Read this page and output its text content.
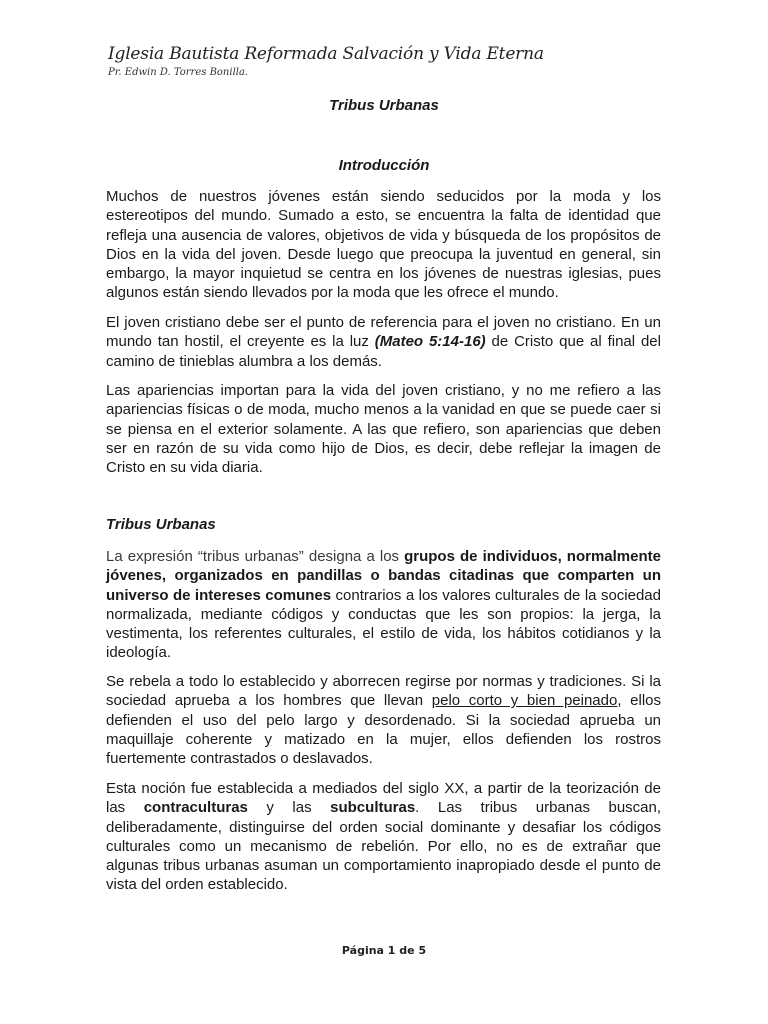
Iglesia Bautista Reformada Salvación y Vida Eterna
Pr. Edwin D. Torres Bonilla.
Tribus Urbanas
Introducción

Muchos de nuestros jóvenes están siendo seducidos por la moda y los estereotipos del mundo. Sumado a esto, se encuentra la falta de identidad que refleja una ausencia de valores, objetivos de vida y búsqueda de los propósitos de Dios en la vida del joven. Desde luego que preocupa la juventud en general, sin embargo, la mayor inquietud se centra en los jóvenes de nuestras iglesias, pues algunos están siendo llevados por la moda que les ofrece el mundo.

El joven cristiano debe ser el punto de referencia para el joven no cristiano. En un mundo tan hostil, el creyente es la luz (Mateo 5:14-16) de Cristo que al final del camino de tinieblas alumbra a los demás.

Las apariencias importan para la vida del joven cristiano, y no me refiero a las apariencias físicas o de moda, mucho menos a la vanidad en que se puede caer si se piensa en el exterior solamente. A las que refiero, son apariencias que deben ser en razón de su vida como hijo de Dios, es decir, debe reflejar la imagen de Cristo en su vida diaria.

Tribus Urbanas

La expresión “tribus urbanas” designa a los grupos de individuos, normalmente jóvenes, organizados en pandillas o bandas citadinas que comparten un universo de intereses comunes contrarios a los valores culturales de la sociedad normalizada, mediante códigos y conductas que les son propios: la jerga, la vestimenta, los referentes culturales, el estilo de vida, los hábitos cotidianos y la ideología.

Se rebela a todo lo establecido y aborrecen regirse por normas y tradiciones. Si la sociedad aprueba a los hombres que llevan pelo corto y bien peinado, ellos defienden el uso del pelo largo y desordenado. Si la sociedad aprueba un maquillaje coherente y matizado en la mujer, ellos defienden los rostros fuertemente contrastados o deslavados.

Esta noción fue establecida a mediados del siglo XX, a partir de la teorización de las contraculturas y las subculturas. Las tribus urbanas buscan, deliberadamente, distinguirse del orden social dominante y desafiar los códigos culturales como un mecanismo de rebelión. Por ello, no es de extrañar que algunas tribus urbanas asuman un comportamiento inapropiado desde el punto de vista del orden establecido.

Página 1 de 5
